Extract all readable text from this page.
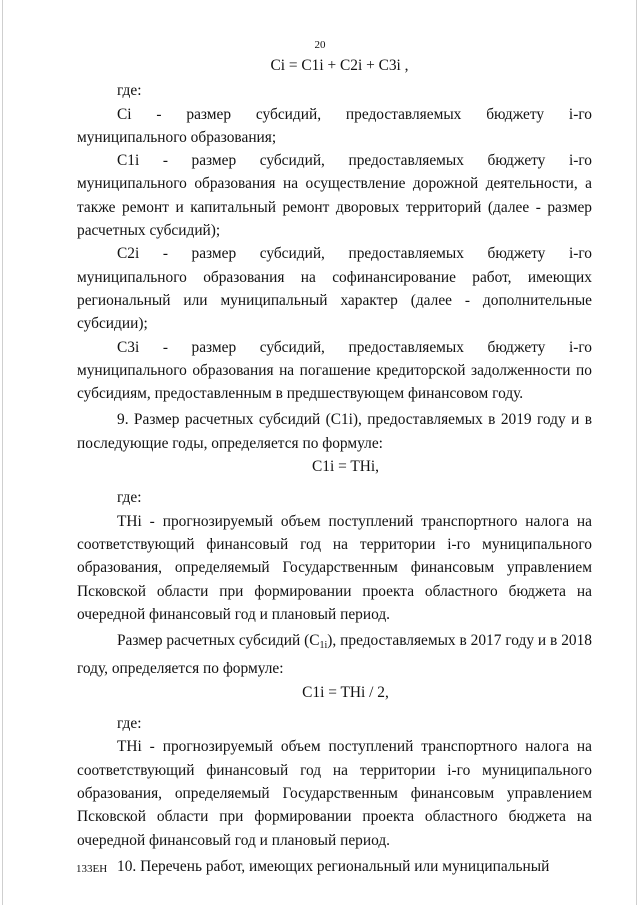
20
Ci = C1i + C2i + C3i ,
где:
Ci - размер субсидий, предоставляемых бюджету i-го
муниципального образования;
C1i - размер субсидий, предоставляемых бюджету i-го
муниципального образования на осуществление дорожной деятельности, а также ремонт и капитальный ремонт дворовых территорий (далее - размер расчетных субсидий);
C2i - размер субсидий, предоставляемых бюджету i-го
муниципального образования на софинансирование работ, имеющих региональный или муниципальный характер (далее - дополнительные субсидии);
C3i - размер субсидий, предоставляемых бюджету i-го
муниципального образования на погашение кредиторской задолженности по субсидиям, предоставленным в предшествующем финансовом году.

9. Размер расчетных субсидий (C1i), предоставляемых в 2019 году и в последующие годы, определяется по формуле:

C1i = THi,
где:

THi - прогнозируемый объем поступлений транспортного налога на соответствующий финансовый год на территории i-го муниципального образования, определяемый Государственным финансовым управлением Псковской области при формировании проекта областного бюджета на очередной финансовый год и плановый период.

Размер расчетных субсидий $(C_{1i})$, предоставляемых в 2017 году и в 2018 году, определяется по формуле:

C1i = THi / 2,
где:

THi - прогнозируемый объем поступлений транспортного налога на соответствующий финансовый год на территории i-го муниципального образования, определяемый Государственным финансовым управлением Псковской области при формировании проекта областного бюджета на очередной финансовый год и плановый период.

10. Перечень работ, имеющих региональный или муниципальный

133EH
